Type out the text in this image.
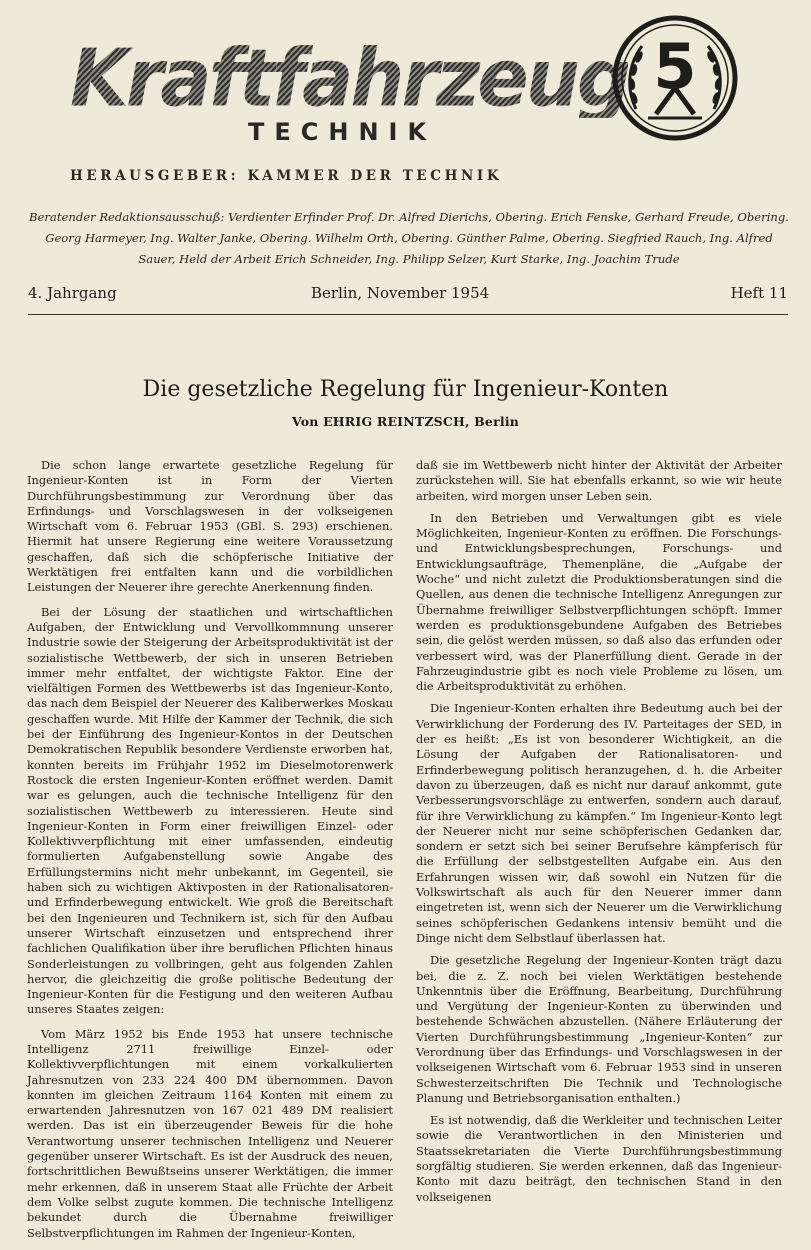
Kraftfahrzeug
TECHNIK
5
HERAUSGEBER: KAMMER DER TECHNIK
Beratender Redaktionsausschuß: Verdienter Erfinder Prof. Dr. Alfred Dierichs, Obering. Erich Fenske, Gerhard Freude, Obering. Georg Harmeyer, Ing. Walter Janke, Obering. Wilhelm Orth, Obering. Günther Palme, Obering. Siegfried Rauch, Ing. Alfred Sauer, Held der Arbeit Erich Schneider, Ing. Philipp Selzer, Kurt Starke, Ing. Joachim Trude
4. Jahrgang	Berlin, November 1954	Heft 11
Die gesetzliche Regelung für Ingenieur-Konten
Von EHRIG REINTZSCH, Berlin

Die schon lange erwartete gesetzliche Regelung für Ingenieur-Konten ist in Form der Vierten Durchführungsbestimmung zur Verordnung über das Erfindungs- und Vorschlagswesen in der volkseigenen Wirtschaft vom 6. Februar 1953 (GBl. S. 293) erschienen. Hiermit hat unsere Regierung eine weitere Voraussetzung geschaffen, daß sich die schöpferische Initiative der Werktätigen frei entfalten kann und die vorbildlichen Leistungen der Neuerer ihre gerechte Anerkennung finden.

Bei der Lösung der staatlichen und wirtschaftlichen Aufgaben, der Entwicklung und Vervollkommnung unserer Industrie sowie der Steigerung der Arbeitsproduktivität ist der sozialistische Wettbewerb, der sich in unseren Betrieben immer mehr entfaltet, der wichtigste Faktor. Eine der vielfältigen Formen des Wettbewerbs ist das Ingenieur-Konto, das nach dem Beispiel der Neuerer des Kaliberwerkes Moskau geschaffen wurde. Mit Hilfe der Kammer der Technik, die sich bei der Einführung des Ingenieur-Kontos in der Deutschen Demokratischen Republik besondere Verdienste erworben hat, konnten bereits im Frühjahr 1952 im Dieselmotorenwerk Rostock die ersten Ingenieur-Konten eröffnet werden. Damit war es gelungen, auch die technische Intelligenz für den sozialistischen Wettbewerb zu interessieren. Heute sind Ingenieur-Konten in Form einer freiwilligen Einzel- oder Kollektivverpflichtung mit einer umfassenden, eindeutig formulierten Aufgabenstellung sowie Angabe des Erfüllungstermins nicht mehr unbekannt, im Gegenteil, sie haben sich zu wichtigen Aktivposten in der Rationalisatoren- und Erfinderbewegung entwickelt. Wie groß die Bereitschaft bei den Ingenieuren und Technikern ist, sich für den Aufbau unserer Wirtschaft einzusetzen und entsprechend ihrer fachlichen Qualifikation über ihre beruflichen Pflichten hinaus Sonderleistungen zu vollbringen, geht aus folgenden Zahlen hervor, die gleichzeitig die große politische Bedeutung der Ingenieur-Konten für die Festigung und den weiteren Aufbau unseres Staates zeigen:

Vom März 1952 bis Ende 1953 hat unsere technische Intelligenz 2711 freiwillige Einzel- oder Kollektivverpflichtungen mit einem vorkalkulierten Jahresnutzen von 233 224 400 DM übernommen. Davon konnten im gleichen Zeitraum 1164 Konten mit einem zu erwartenden Jahresnutzen von 167 021 489 DM realisiert werden. Das ist ein überzeugender Beweis für die hohe Verantwortung unserer technischen Intelligenz und Neuerer gegenüber unserer Wirtschaft. Es ist der Ausdruck des neuen, fortschrittlichen Bewußtseins unserer Werktätigen, die immer mehr erkennen, daß in unserem Staat alle Früchte der Arbeit dem Volke selbst zugute kommen. Die technische Intelligenz bekundet durch die Übernahme freiwilliger Selbstverpflichtungen im Rahmen der Ingenieur-Konten,

daß sie im Wettbewerb nicht hinter der Aktivität der Arbeiter zurückstehen will. Sie hat ebenfalls erkannt, so wie wir heute arbeiten, wird morgen unser Leben sein.

In den Betrieben und Verwaltungen gibt es viele Möglichkeiten, Ingenieur-Konten zu eröffnen. Die Forschungs- und Entwicklungsbesprechungen, Forschungs- und Entwicklungsaufträge, Themenpläne, die „Aufgabe der Woche“ und nicht zuletzt die Produktionsberatungen sind die Quellen, aus denen die technische Intelligenz Anregungen zur Übernahme freiwilliger Selbstverpflichtungen schöpft. Immer werden es produktionsgebundene Aufgaben des Betriebes sein, die gelöst werden müssen, so daß also das erfunden oder verbessert wird, was der Planerfüllung dient. Gerade in der Fahrzeugindustrie gibt es noch viele Probleme zu lösen, um die Arbeitsproduktivität zu erhöhen.

Die Ingenieur-Konten erhalten ihre Bedeutung auch bei der Verwirklichung der Forderung des IV. Parteitages der SED, in der es heißt: „Es ist von besonderer Wichtigkeit, an die Lösung der Aufgaben der Rationalisatoren- und Erfinderbewegung politisch heranzugehen, d. h. die Arbeiter davon zu überzeugen, daß es nicht nur darauf ankommt, gute Verbesserungsvorschläge zu entwerfen, sondern auch darauf, für ihre Verwirklichung zu kämpfen.“ Im Ingenieur-Konto legt der Neuerer nicht nur seine schöpferischen Gedanken dar, sondern er setzt sich bei seiner Berufsehre kämpferisch für die Erfüllung der selbstgestellten Aufgabe ein. Aus den Erfahrungen wissen wir, daß sowohl ein Nutzen für die Volkswirtschaft als auch für den Neuerer immer dann eingetreten ist, wenn sich der Neuerer um die Verwirklichung seines schöpferischen Gedankens intensiv bemüht und die Dinge nicht dem Selbstlauf überlassen hat.

Die gesetzliche Regelung der Ingenieur-Konten trägt dazu bei, die z. Z. noch bei vielen Werktätigen bestehende Unkenntnis über die Eröffnung, Bearbeitung, Durchführung und Vergütung der Ingenieur-Konten zu überwinden und bestehende Schwächen abzustellen. (Nähere Erläuterung der Vierten Durchführungsbestimmung „Ingenieur-Konten“ zur Verordnung über das Erfindungs- und Vorschlagswesen in der volkseigenen Wirtschaft vom 6. Februar 1953 sind in unseren Schwesterzeitschriften Die Technik und Technologische Planung und Betriebsorganisation enthalten.)

Es ist notwendig, daß die Werkleiter und technischen Leiter sowie die Verantwortlichen in den Ministerien und Staatssekretariaten die Vierte Durchführungsbestimmung sorgfältig studieren. Sie werden erkennen, daß das Ingenieur-Konto mit dazu beiträgt, den technischen Stand in den volkseigenen
